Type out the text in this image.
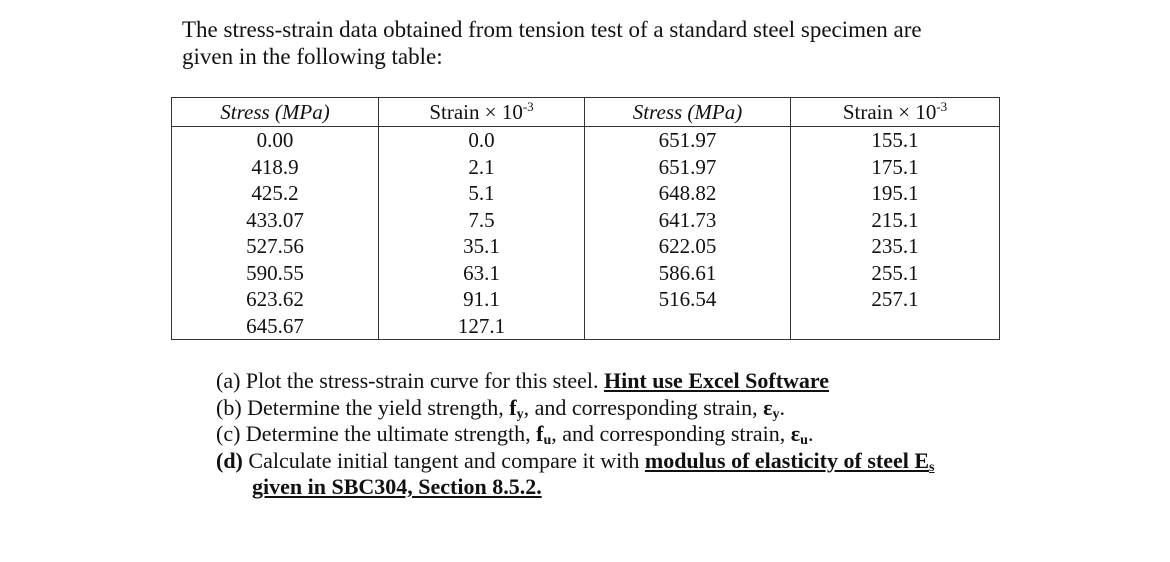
The stress-strain data obtained from tension test of a standard steel specimen are
given in the following table:

Stress (MPa)	Strain × $10^{-3}$	Stress (MPa)	Strain × $10^{-3}$
0.00	0.0	651.97	155.1
418.9	2.1	651.97	175.1
425.2	5.1	648.82	195.1
433.07	7.5	641.73	215.1
527.56	35.1	622.05	235.1
590.55	63.1	586.61	255.1
623.62	91.1	516.54	257.1
645.67	127.1		
(a) Plot the stress-strain curve for this steel. Hint use Excel Software
(b) Determine the yield strength, $f_y$, and corresponding strain, $\varepsilon_y$.
(c) Determine the ultimate strength, $f_u$, and corresponding strain, $\varepsilon_u$.
(d) Calculate initial tangent and compare it with modulus of elasticity of steel $E_s$
given in SBC304, Section 8.5.2.
